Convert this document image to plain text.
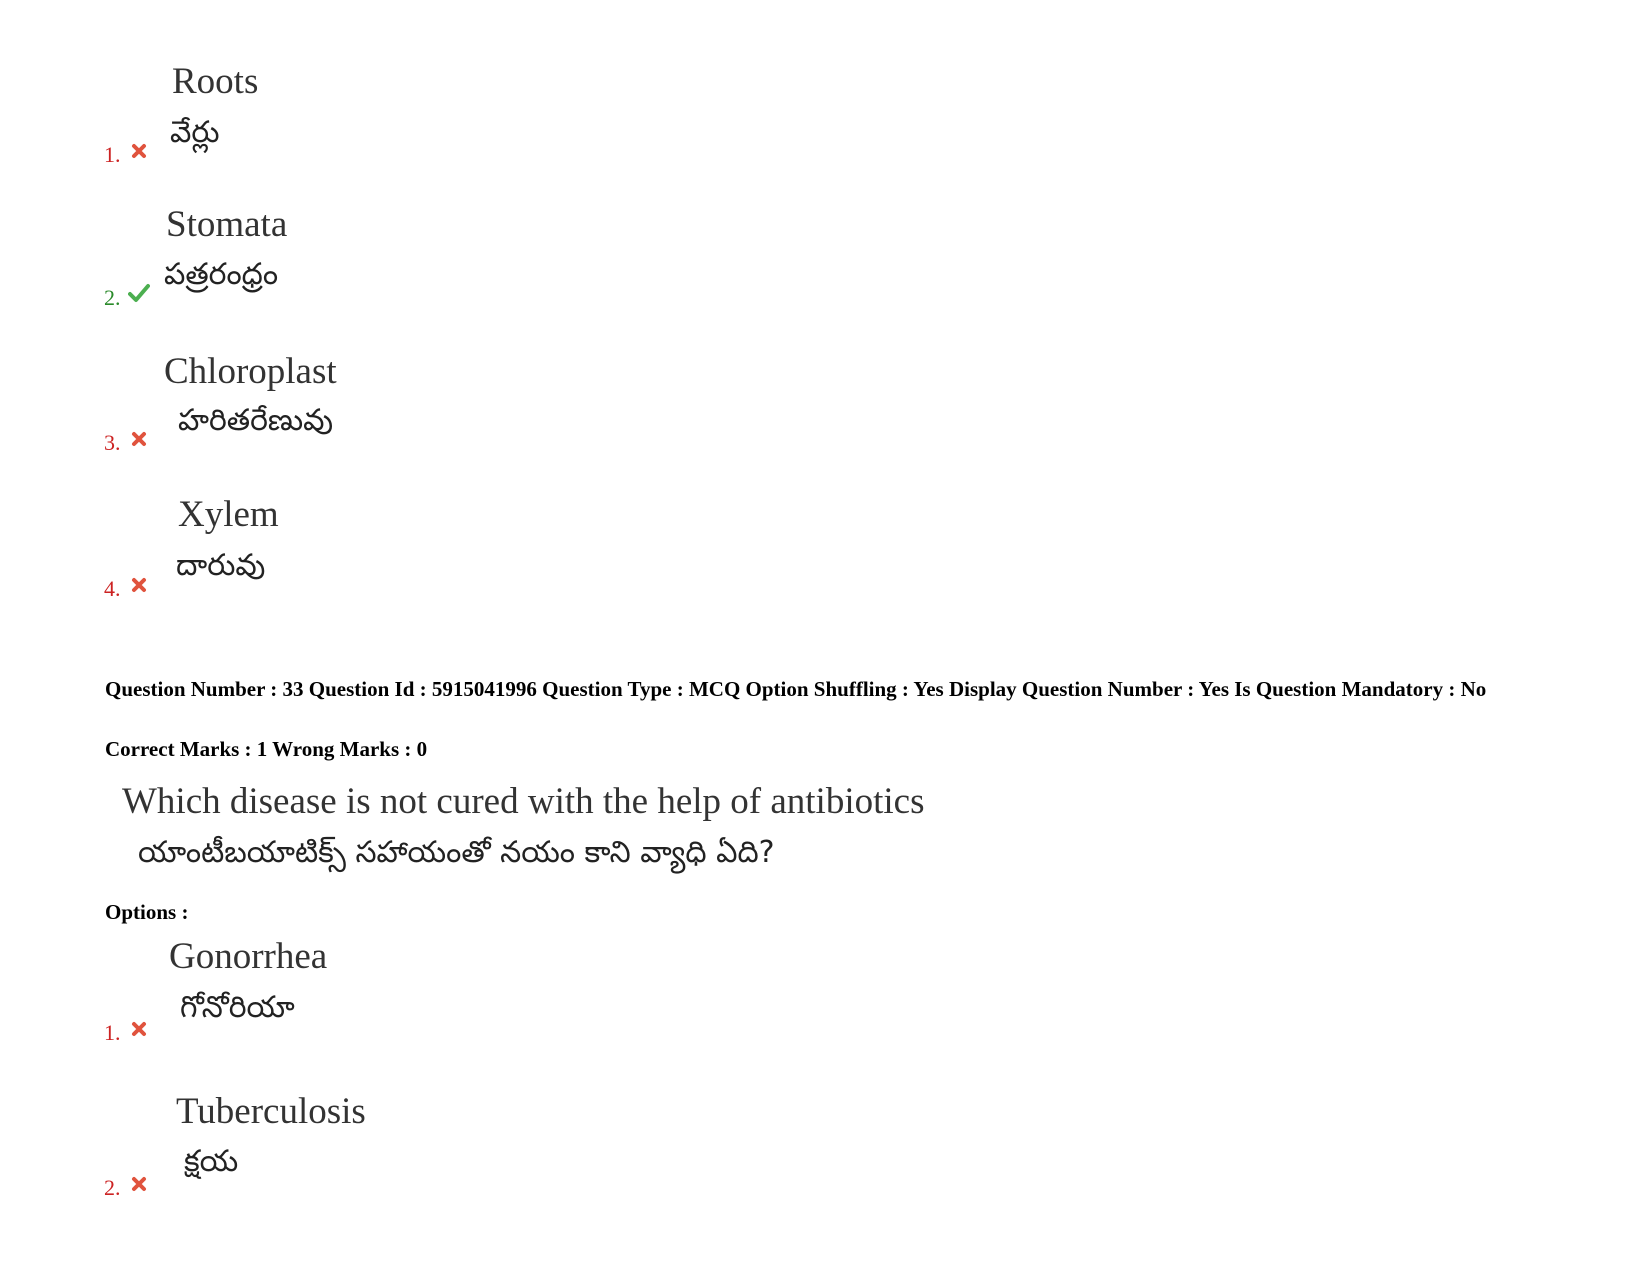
Roots
వేర్లు
1.
Stomata
పత్రరంధ్రం
2.
Chloroplast
హరితరేణువు
3.
Xylem
దారువు
4.
Question Number : 33 Question Id : 5915041996 Question Type : MCQ Option Shuffling : Yes Display Question Number : Yes Is Question Mandatory : No
Correct Marks : 1 Wrong Marks : 0
Which disease is not cured with the help of antibiotics
యాంటీబయాటిక్స్ సహాయంతో నయం కాని వ్యాధి ఏది?
Options :
Gonorrhea
గోనోరియా
1.
Tuberculosis
క్షయ
2.
